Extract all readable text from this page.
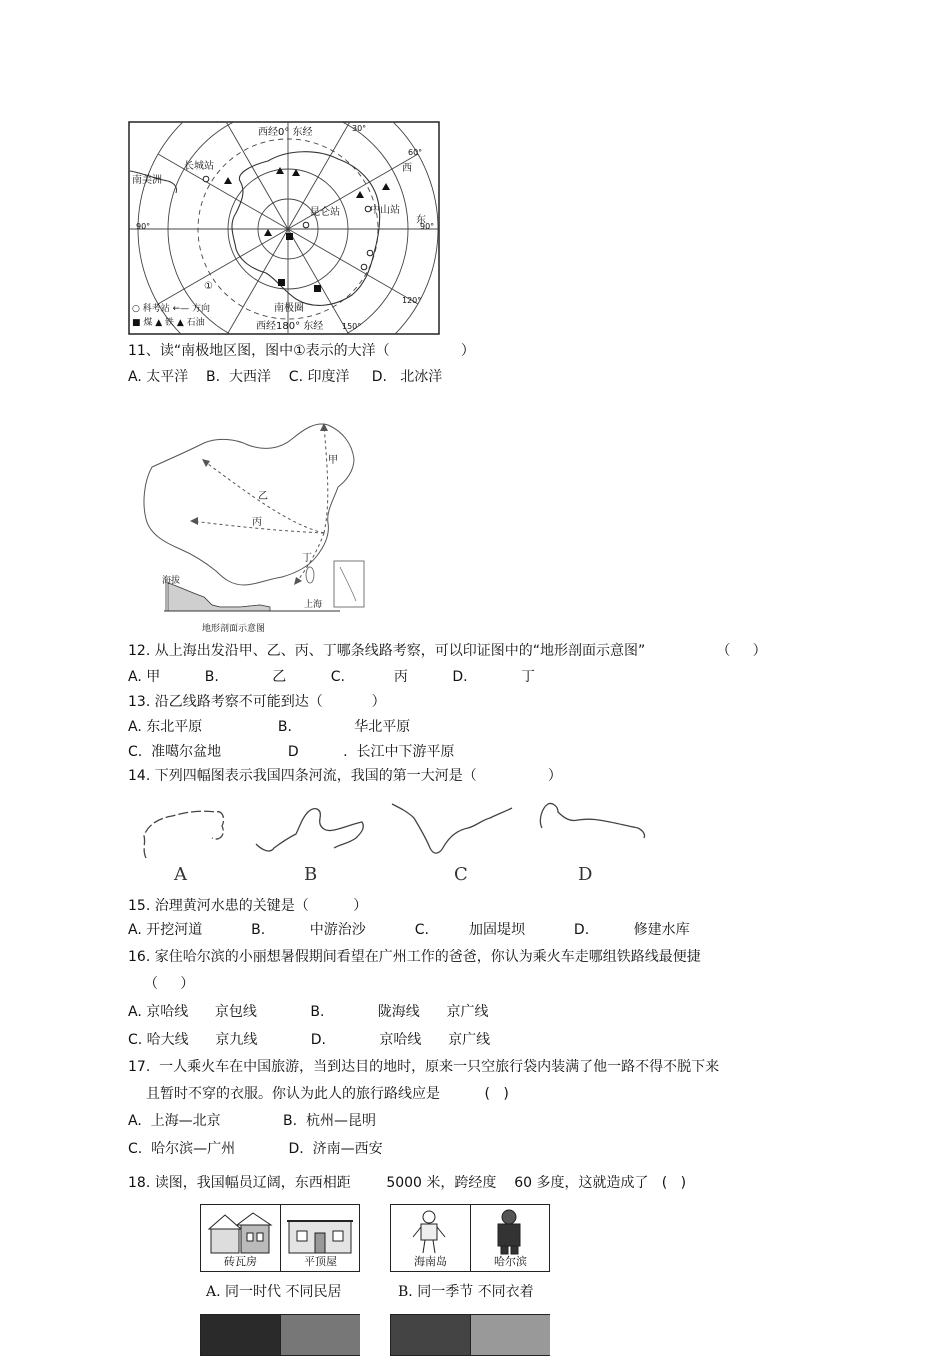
西经0° 东经	30°
60°
90°
90°
120°
150°
南美洲
长城站
昆仑站	中山站
西
东
①
南极圈
西经180° 东经
○ 科考站 ←— 方向
■ 煤 ▲ 铁 ▲ 石油
11、读“南极地区图，图中①表示的大洋（                ）
A. 太平洋    B.  大西洋    C. 印度洋     D.   北冰洋
甲
乙
丙
丁
海拔
上海
地形剖面示意图
12. 从上海出发沿甲、乙、丙、丁哪条线路考察，可以印证图中的“地形剖面示意图”                （     ）
A. 甲          B.            乙          C.           丙          D.            丁
13. 沿乙线路考察不可能到达（           ）
A. 东北平原                 B.              华北平原
C.  准噶尔盆地               D          .  长江中下游平原
14. 下列四幅图表示我国四条河流，我国的第一大河是（                ）
A	B	C	D
15. 治理黄河水患的关键是（          ）
A. 开挖河道           B.          中游治沙           C.         加固堤坝           D.          修建水库
16. 家住哈尔滨的小丽想暑假期间看望在广州工作的爸爸，你认为乘火车走哪组铁路线最便捷
（     ）
A. 京哈线      京包线            B.            陇海线      京广线
C. 哈大线      京九线            D.            京哈线      京广线
17.  一人乘火车在中国旅游，当到达目的地时，原来一只空旅行袋内装满了他一路不得不脱下来
且暂时不穿的衣服。你认为此人的旅行路线应是          (   )
A.  上海—北京              B.  杭州—昆明
C.  哈尔滨—广州            D.  济南—西安
18. 读图，我国幅员辽阔，东西相距        5000 米，跨经度    60 多度，这就造成了   (   )
砖瓦房	平顶屋
A. 同一时代 不同民居
海南岛	哈尔滨
B. 同一季节 不同衣着
